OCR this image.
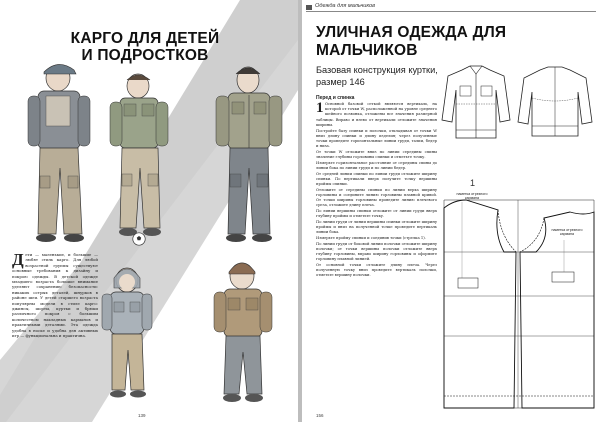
КАРГО ДЛЯ ДЕТЕЙ
И ПОДРОСТКОВ
Дети — маленькие, и большие — любят стиль карго. Для любой возрастной группы существуют основные требования к дизайну и покрою одежды. В детской одежде младшего возраста большое внимание уделяют сохранению безопасности: никаких острых деталей, шнурков в районе шеи. У детей старшего возраста популярны модели в стиле карго: джинсы, шорты, куртки и брюки различного покроя с большим количеством накладных карманов и практичными деталями. Эта одежда удобна в носке и удобна для активных игр — функциональна и практична.
139
Одежда для мальчиков
УЛИЧНАЯ ОДЕЖДА ДЛЯ
МАЛЬЧИКОВ
Базовая конструкция куртки,
размер 146
Перед и спинка

1 Основной базовой сеткой являются вертикаль, на которой от точки W, расположенной на уровне среднего шейного позвонка, отложены все значения размерной таблицы. Вправо и влево от вертикали отложите значения ширины.

Постройте базу спинки и полочки, откладывая от точки W вниз длину спинки и длину изделия; через полученные точки проведите горизонтальные линии груди, талии, бедер и низа.

От точки W отложите вниз по линии середины спины значение глубины горловины спинки и отметьте точку.

Измерьте горизонтальное расстояние от середины спины до линии бока по линии груди и по линии бедер.

От средней линии спинки по линии груди отложите ширину спинки. По вертикали вверх получите точку вершины проймы спинки.

Отложите от середины спинки по линии верха ширину горловины и соедините линию горловины плавной кривой. От точки ширины горловины проведите линию плечевого среза, отложите длину плеча.

По линии вершины спинки отложите от линии груди вверх глубину проймы и отметьте точку.

По линии груди от линии вершины спинки отложите ширину проймы и вниз на полученной точке проведите вертикаль линии бока.

Измерьте пройму спинки и соединив точки (стрелка 1).

По линии груди от боковой линии полочки отложите ширину полочки; от точки вершины полочки отложите вверх глубину горловины, вправо ширину горловины и оформите горловину плавной линией.

От основной точки отложите длину плеча. Через полученную точку вниз проведите вертикаль полочки, отметьте вершину полочки.

1
наметка отрезного кармана
наметка отрезного кармана
156
